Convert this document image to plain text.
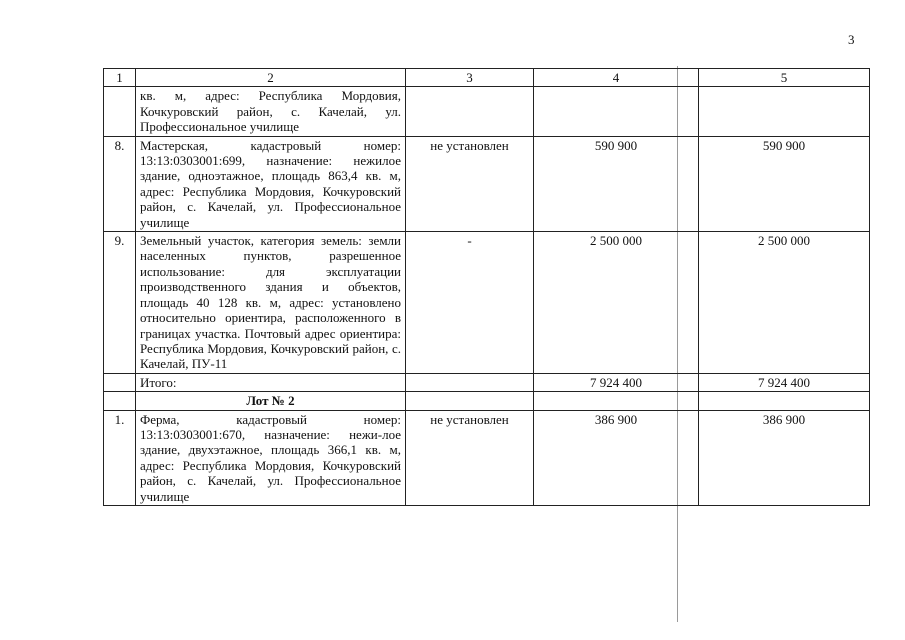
3
1	2	3	4	5
	кв. м, адрес: Республика Мордовия, Кочкуровский район, с. Качелай, ул. Профессиональное училище			
8.	Мастерская, кадастровый номер: 13:13:0303001:699, назначение: нежилое здание, одноэтажное, площадь 863,4 кв. м, адрес: Республика Мордовия, Кочкуровский район, с. Качелай, ул. Профессиональное училище	не установлен	590 900	590 900
9.	Земельный участок, категория земель: земли населенных пунктов, разрешенное использование: для эксплуатации производственного здания и объектов, площадь 40 128 кв. м, адрес: установлено относительно ориентира, расположенного в границах участка. Почтовый адрес ориентира: Республика Мордовия, Кочкуровский район, с. Качелай, ПУ-11	-	2 500 000	2 500 000
	Итого:		7 924 400	7 924 400
	Лот № 2			
1.	Ферма, кадастровый номер: 13:13:0303001:670, назначение: нежи-лое здание, двухэтажное, площадь 366,1 кв. м, адрес: Республика Мордовия, Кочкуровский район, с. Качелай, ул. Профессиональное училище	не установлен	386 900	386 900
